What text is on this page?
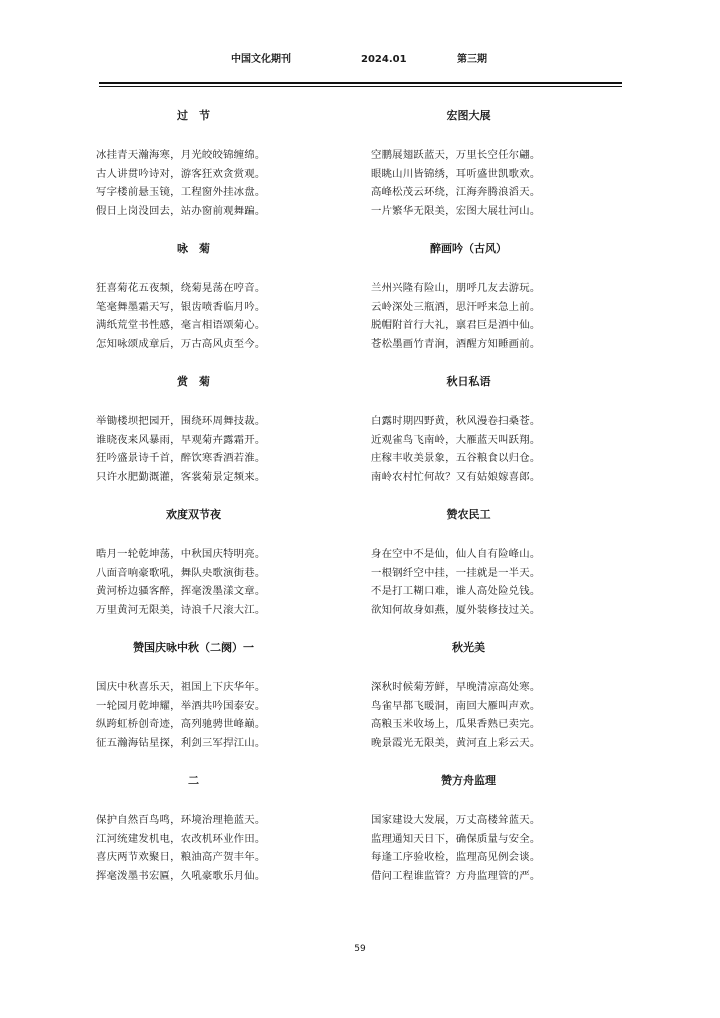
中国文化期刊	2024.01	第三期
过　节
冰挂青天瀚海寒，月光皎皎锦缠绵。
古人讲贯吟诗对，游客狂欢贪赏观。
写字楼前悬玉镜，工程窗外挂冰盘。
假日上岗没回去，站办窗前观舞蹁。
咏　菊
狂喜菊花五夜频，绕菊晃荡在哼音。
笔毫舞墨霜天写，银齿喷香临月吟。
满纸荒堂书性感，毫言相语颂菊心。
怎知咏颂成章后，万古高风贞至今。
赏　菊
举锄楼坝把园开，围绕环周舞技裁。
谁晓夜来风暴雨，早观菊卉露霜开。
狂吟盛景诗千首，醉饮寒香酒若淮。
只许水肥勤溉灌，客裳菊景定频来。
欢度双节夜
晧月一轮乾坤荡，中秋国庆特明亮。
八面音响豪歌吼，舞队央歌演街巷。
黄河桥边骚客醉，挥毫泼墨漾文章。
万里黄河无限美，诗浪千尺滚大江。
赞国庆咏中秋（二阕）一
国庆中秋喜乐天，祖国上下庆华年。
一轮园月乾坤耀，举酒共吟国泰安。
纵跨虹桥创奇迹，高列驰骋世峰巅。
征五瀚海钻星探，利剑三军捍江山。
二
保护自然百鸟鸣，环境治理艳蓝天。
江河统建发机电，农改机环业作田。
喜庆两节欢聚日，粮油高产贺丰年。
挥毫泼墨书宏匾，久吼豪歌乐月仙。
宏图大展
空鹏展翅跃蓝天，万里长空任尔翩。
眼眺山川皆锦绣，耳听盛世凯歌欢。
高峰松茂云环绕，江海奔腾浪滔天。
一片繁华无限美，宏图大展壮河山。
醉画吟（古风）
兰州兴隆有险山，朋呼几友去游玩。
云岭深处三瓶酒，思汗呼来急上前。
脱帽附首行大礼，禀君巨是酒中仙。
苍松墨画竹青涧，酒醒方知睡画前。
秋日私语
白露时期四野黄，秋风漫卷扫桑苍。
近观雀鸟飞南岭，大雁蓝天叫跃翔。
庄稼丰收美景象，五谷粮食以归仓。
南岭农村忙何故？又有姑娘嫁喜郎。
赞农民工
身在空中不是仙，仙人自有险峰山。
一根钢纤空中挂，一挂就是一半天。
不是打工糊口难，谁人高处险兑钱。
欲知何故身如燕，厦外装修技过关。
秋光美
深秋时候菊芳鲜，早晚清凉高处寒。
鸟雀早都飞暖洞，南回大雁叫声欢。
高粮玉米收场上，瓜果香熟已卖完。
晚景霞光无限美，黄河直上彩云天。
赞方舟监理
国家建设大发展，万丈高楼耸蓝天。
监理通知天日下，确保质量与安全。
每逢工序验收检，监理高见例会谈。
借问工程谁监管？方舟监理管的严。
59
